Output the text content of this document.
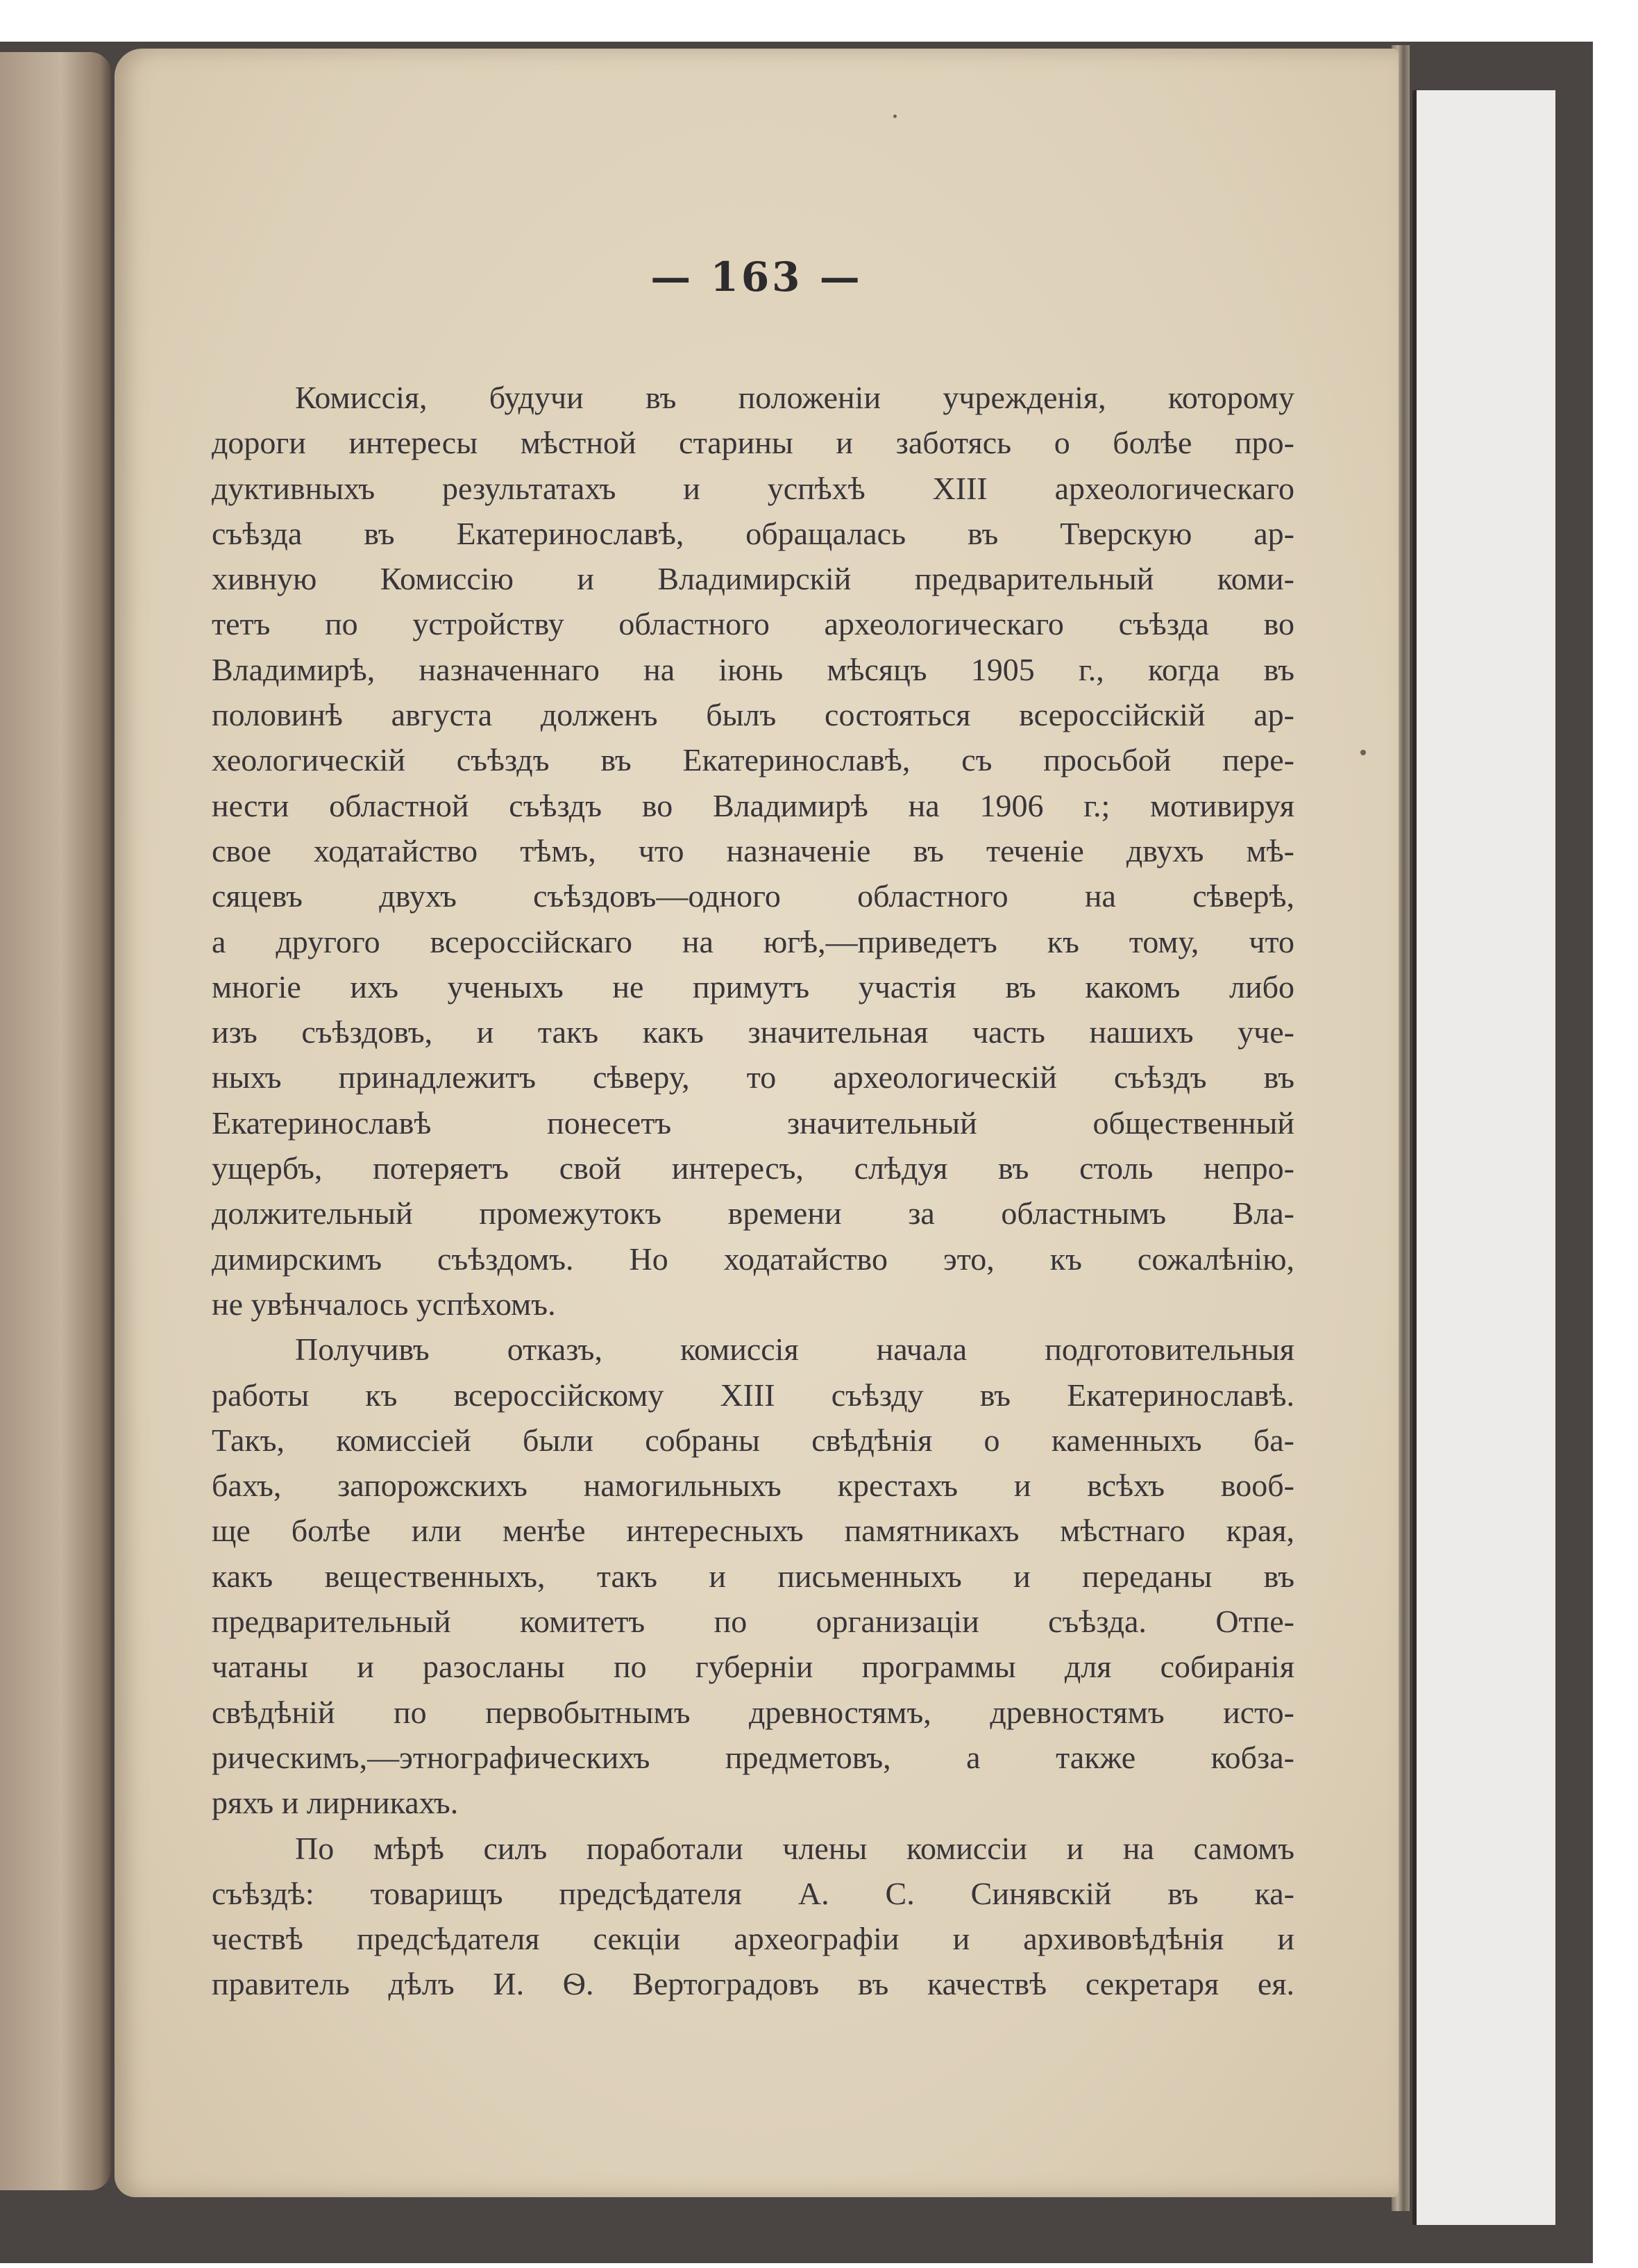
— 163 —
Комиссія, будучи въ положеніи учрежденія, которому
дороги интересы мѣстной старины и заботясь о болѣе про-
дуктивныхъ результатахъ и успѣхѣ XIII археологическаго
съѣзда въ Екатеринославѣ, обращалась въ Тверскую ар-
хивную Комиссію и Владимирскій предварительный коми-
тетъ по устройству областного археологическаго съѣзда во
Владимирѣ, назначеннаго на іюнь мѣсяцъ 1905 г., когда въ
половинѣ августа долженъ былъ состояться всероссійскій ар-
хеологическій съѣздъ въ Екатеринославѣ, съ просьбой пере-
нести областной съѣздъ во Владимирѣ на 1906 г.; мотивируя
свое ходатайство тѣмъ, что назначеніе въ теченіе двухъ мѣ-
сяцевъ двухъ съѣздовъ—одного областного на сѣверѣ,
а другого всероссійскаго на югѣ,—приведетъ къ тому, что
многіе ихъ ученыхъ не примутъ участія въ какомъ либо
изъ съѣздовъ, и такъ какъ значительная часть нашихъ уче-
ныхъ принадлежитъ сѣверу, то археологическій съѣздъ въ
Екатеринославѣ понесетъ значительный общественный
ущербъ, потеряетъ свой интересъ, слѣдуя въ столь непро-
должительный промежутокъ времени за областнымъ Вла-
димирскимъ съѣздомъ. Но ходатайство это, къ сожалѣнію,
не увѣнчалось успѣхомъ.
Получивъ отказъ, комиссія начала подготовительныя
работы къ всероссійскому XIII съѣзду въ Екатеринославѣ.
Такъ, комиссіей были собраны свѣдѣнія о каменныхъ ба-
бахъ, запорожскихъ намогильныхъ крестахъ и всѣхъ вооб-
ще болѣе или менѣе интересныхъ памятникахъ мѣстнаго края,
какъ вещественныхъ, такъ и письменныхъ и переданы въ
предварительный комитетъ по организаціи съѣзда. Отпе-
чатаны и разосланы по губерніи программы для собиранія
свѣдѣній по первобытнымъ древностямъ, древностямъ исто-
рическимъ,—этнографическихъ предметовъ, а также кобза-
ряхъ и лирникахъ.
По мѣрѣ силъ поработали члены комиссіи и на самомъ
съѣздѣ: товарищъ предсѣдателя А. С. Синявскій въ ка-
чествѣ предсѣдателя секціи археографіи и архивовѣдѣнія и
правитель дѣлъ И. Ѳ. Вертоградовъ въ качествѣ секретаря ея.
